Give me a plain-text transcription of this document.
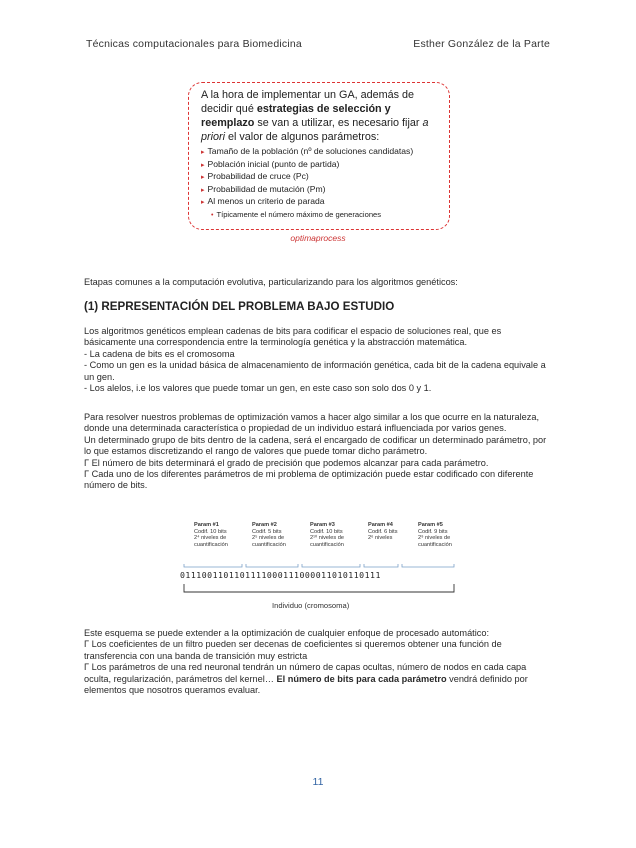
Técnicas computacionales para Biomedicina	Esther González de la Parte
A la hora de implementar un GA, además de decidir qué estrategias de selección y reemplazo se van a utilizar, es necesario fijar a priori el valor de algunos parámetros:
▸ Tamaño de la población (nº de soluciones candidatas)
▸ Población inicial (punto de partida)
▸ Probabilidad de cruce (Pc)
▸ Probabilidad de mutación (Pm)
▸ Al menos un criterio de parada
• Típicamente el número máximo de generaciones
optimaprocess
Etapas comunes a la computación evolutiva, particularizando para los algoritmos genéticos:
(1) REPRESENTACIÓN DEL PROBLEMA BAJO ESTUDIO

Los algoritmos genéticos emplean cadenas de bits para codificar el espacio de soluciones real, que es básicamente una correspondencia entre la terminología genética y la abstracción matemática.

- La cadena de bits es el cromosoma

- Como un gen es la unidad básica de almacenamiento de información genética, cada bit de la cadena equivale a un gen.

- Los alelos, i.e los valores que puede tomar un gen, en este caso son solo dos 0 y 1.

Para resolver nuestros problemas de optimización vamos a hacer algo similar a los que ocurre en la naturaleza, donde una determinada característica o propiedad de un individuo estará influenciada por varios genes.

Un determinado grupo de bits dentro de la cadena, será el encargado de codificar un determinado parámetro, por lo que estamos discretizando el rango de valores que puede tomar dicho parámetro.

Γ El número de bits determinará el grado de precisión que podemos alcanzar para cada parámetro.

Γ Cada uno de los diferentes parámetros de mi problema de optimización puede estar codificado con diferente número de bits.

Param #1
Codif. 10 bits
2⁴ niveles de
cuantificación
Param #2
Codif. 5 bits
2⁵ niveles de
cuantificación
Param #3
Codif. 10 bits
2¹⁰ niveles de
cuantificación
Param #4
Codif. 6 bits
2⁶ niveles
Param #5
Codif. 9 bits
2⁹ niveles de
cuantificación
0111001101101111000111000011010110111
Individuo (cromosoma)

Este esquema se puede extender a la optimización de cualquier enfoque de procesado automático:

Γ Los coeficientes de un filtro pueden ser decenas de coeficientes si queremos obtener una función de transferencia con una banda de transición muy estricta

Γ Los parámetros de una red neuronal tendrán un número de capas ocultas, número de nodos en cada capa oculta, regularización, parámetros del kernel… El número de bits para cada parámetro vendrá definido por elementos que nosotros queramos evaluar.

11
